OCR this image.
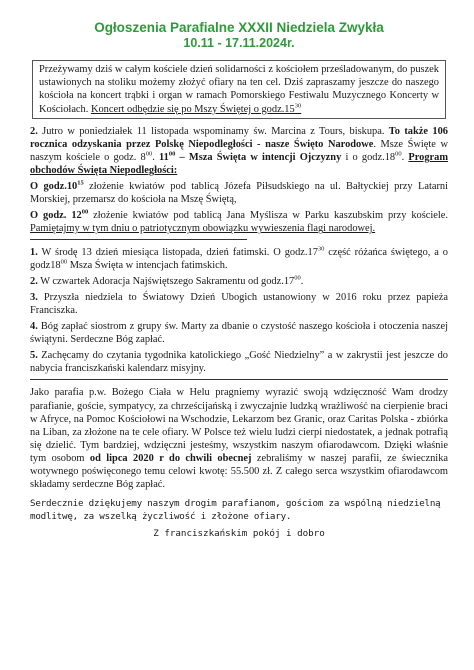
Ogłoszenia Parafialne XXXII Niedziela Zwykła
10.11 - 17.11.2024r.
Przeżywamy dziś w całym kościele dzień solidarności z kościołem prześladowanym, do puszek ustawionych na stoliku możemy złożyć ofiary na ten cel. Dziś zapraszamy jeszcze do naszego kościoła na koncert trąbki i organ w ramach Pomorskiego Festiwalu Muzycznego Koncerty w Kościołach. Koncert odbędzie się po Mszy Świętej o $godz.15^{30}$
2. Jutro w poniedziałek 11 listopada wspominamy św. Marcina z Tours, biskupa. To także 106 rocznica odzyskania przez Polskę Niepodległości - nasze Święto Narodowe. Msze Święte w naszym kościele o godz. $8^{00}$. $11^{00}$ – Msza Święta w intencji Ojczyzny i o $godz.18^{00}$. Program obchodów Święta Niepodległości:
O $godz.10^{15}$ złożenie kwiatów pod tablicą Józefa Piłsudskiego na ul. Bałtyckiej przy Latarni Morskiej, przemarsz do kościoła na Mszę Świętą,
O godz. $12^{00}$ złożenie kwiatów pod tablicą Jana Myślisza w Parku kaszubskim przy kościele. Pamiętajmy w tym dniu o patriotycznym obowiązku wywieszenia flagi narodowej.
1. W środę 13 dzień miesiąca listopada, dzień fatimski. O $godz.17^{30}$ część różańca świętego, a o $godz18^{00}$ Msza Święta w intencjach fatimskich.
2. W czwartek Adoracja Najświętszego Sakramentu od $godz.17^{00}$.
3. Przyszła niedziela to Światowy Dzień Ubogich ustanowiony w 2016 roku przez papieża Franciszka.
4. Bóg zapłać siostrom z grupy św. Marty za dbanie o czystość naszego kościoła i otoczenia naszej świątyni. Serdeczne Bóg zapłać.
5. Zachęcamy do czytania tygodnika katolickiego „Gość Niedzielny” a w zakrystii jest jeszcze do nabycia franciszkański kalendarz misyjny.
Jako parafia p.w. Bożego Ciała w Helu pragniemy wyrazić swoją wdzięczność Wam drodzy parafianie, goście, sympatycy, za chrześcijańską i zwyczajnie ludzką wrażliwość na cierpienie braci w Afryce, na Pomoc Kościołowi na Wschodzie, Lekarzom bez Granic, oraz Caritas Polska - zbiórka na Liban, za złożone na te cele ofiary. W Polsce też wielu ludzi cierpi niedostatek, a jednak potrafią się dzielić. Tym bardziej, wdzięczni jesteśmy, wszystkim naszym ofiarodawcom. Dzięki właśnie tym osobom od lipca 2020 r do chwili obecnej zebraliśmy w naszej parafii, ze świecznika wotywnego poświęconego temu celowi kwotę: 55.500 zł. Z całego serca wszystkim ofiarodawcom składamy serdeczne Bóg zapłać.
Serdecznie dziękujemy naszym drogim parafianom, gościom za wspólną niedzielną modlitwę, za wszelką życzliwość i złożone ofiary.
Z franciszkańskim pokój i dobro
